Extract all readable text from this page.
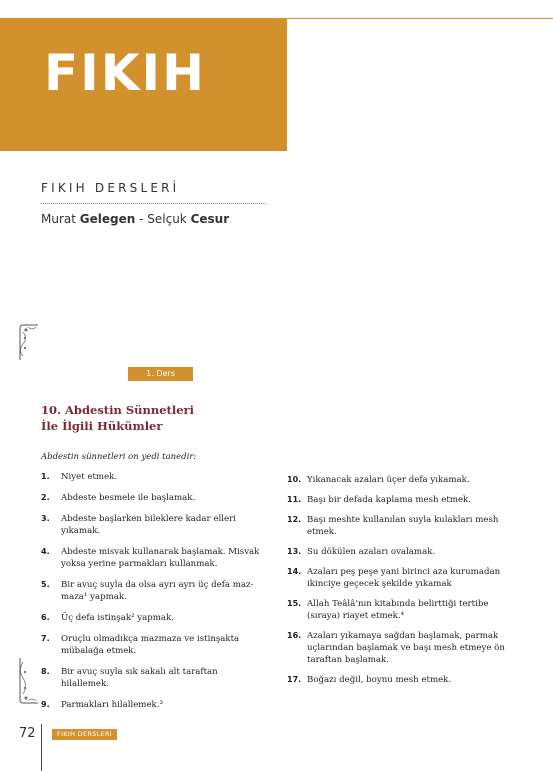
FIKIH
FIKIH DERSLERİ
Murat Gelegen - Selçuk Cesur
1. Ders
10. Abdestin Sünnetleri
İle İlgili Hükümler
Abdestin sünnetleri on yedi tanedir:
1. Niyet etmek.
2. Abdeste besmele ile başlamak.
3. Abdeste başlarken bileklere kadar elleri yıkamak.
4. Abdeste misvak kullanarak başlamak. Misvak yoksa yerine parmakları kullanmak.
5. Bir avuç suyla da olsa ayrı ayrı üç defa maz-maza¹ yapmak.
6. Üç defa istinşak² yapmak.
7. Oruçlu olmadıkça mazmaza ve istinşakta mübalağa etmek.
8. Bir avuç suyla sık sakalı alt taraftan hilallemek.
9. Parmakları hilallemek.³
10. Yıkanacak azaları üçer defa yıkamak.
11. Başı bir defada kaplama mesh etmek.
12. Başı meshte kullanılan suyla kulakları mesh etmek.
13. Su dökülen azaları ovalamak.
14. Azaları peş peşe yani birinci aza kurumadan ikinciye geçecek şekilde yıkamak
15. Allah Teâlâ’nın kitabında belirttiği tertibe (sıraya) riayet etmek.⁴
16. Azaları yıkamaya sağdan başlamak, parmak uçlarından başlamak ve başı mesh etmeye ön taraftan başlamak.
17. Boğazı değil, boynu mesh etmek.
72	FIKIH DERSLERİ
